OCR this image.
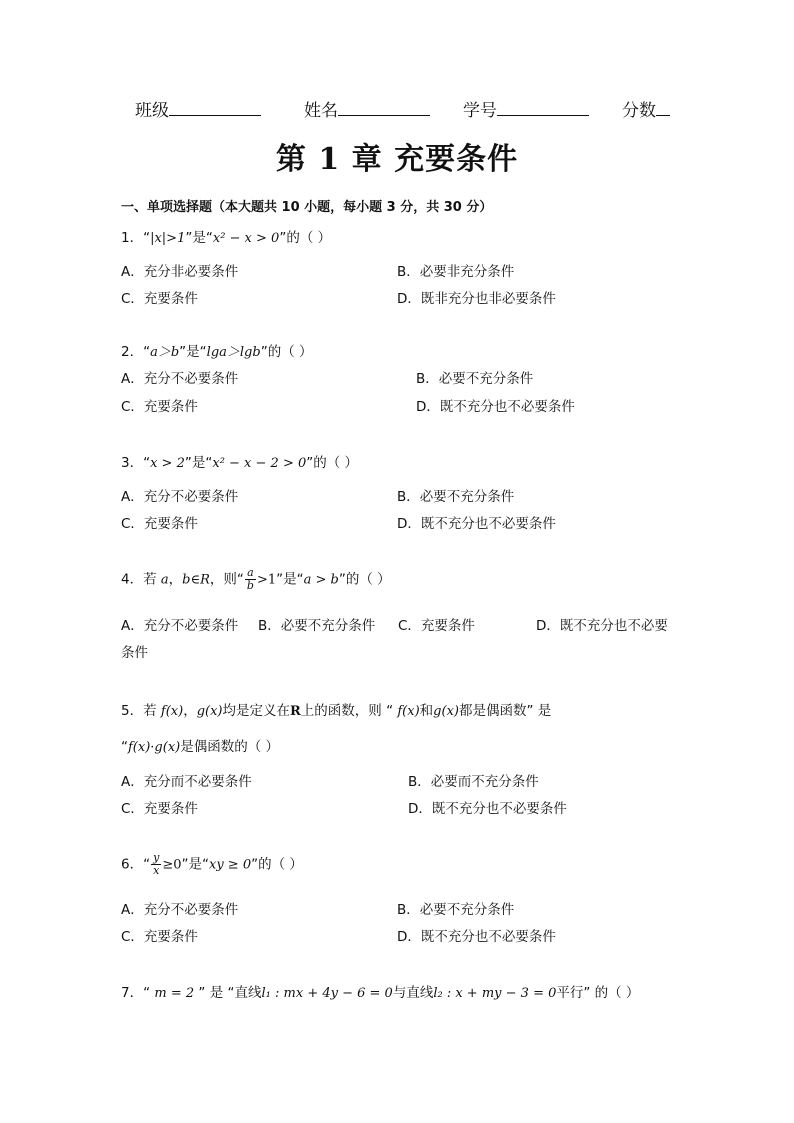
班级	姓名	学号	分数
第 1 章 充要条件
一、单项选择题（本大题共 10 小题，每小题 3 分，共 30 分）
1．“|x|>1”是“x² − x > 0”的（ ）
A．充分非必要条件	B．必要非充分条件
C．充要条件	D．既非充分也非必要条件
2．“a＞b”是“lga＞lgb”的（ ）
A．充分不必要条件	B．必要不充分条件
C．充要条件	D．既不充分也不必要条件
3．“x > 2”是“x² − x − 2 > 0”的（ ）
A．充分不必要条件	B．必要不充分条件
C．充要条件	D．既不充分也不必要条件
4．若 a，b∈R，则“ $\frac{a}{b} >1$”是“a > b”的（ ）
A．充分不必要条件 B．必要不充分条件 C．充要条件	D．既不充分也不必要
条件
5．若 f(x)，g(x)均是定义在R上的函数，则 “ f(x)和g(x)都是偶函数” 是
“f(x)·g(x)是偶函数的（ ）
A．充分而不必要条件	B．必要而不充分条件
C．充要条件	D．既不充分也不必要条件
6．“ $\frac{y}{x} \ge 0$”是“xy ≥ 0”的（ ）
A．充分不必要条件	B．必要不充分条件
C．充要条件	D．既不充分也不必要条件
7．“ m = 2 ” 是 “直线l₁ : mx + 4y − 6 = 0与直线l₂ : x + my − 3 = 0平行” 的（ ）
